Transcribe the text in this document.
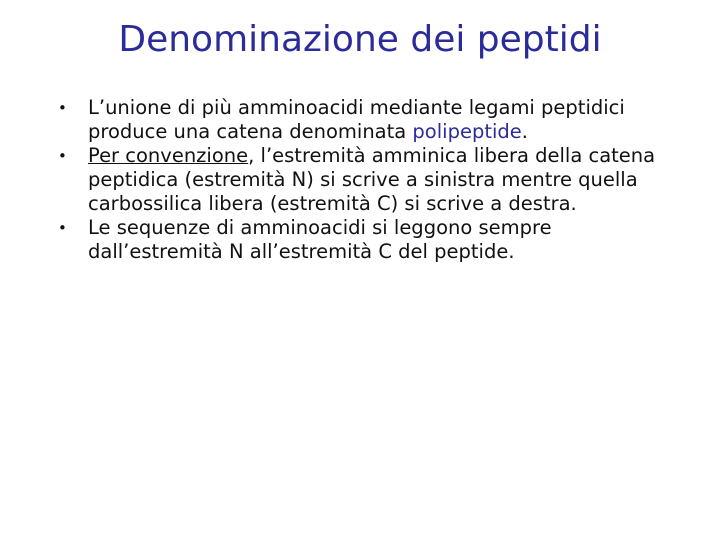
Denominazione dei peptidi
•	L’unione di più amminoacidi mediante legami peptidici produce una catena denominata polipeptide.
•	Per convenzione, l’estremità amminica libera della catena peptidica (estremità N) si scrive a sinistra mentre quella carbossilica libera (estremità C) si scrive a destra.
•	Le sequenze di amminoacidi si leggono sempre dall’estremità N all’estremità C del peptide.
